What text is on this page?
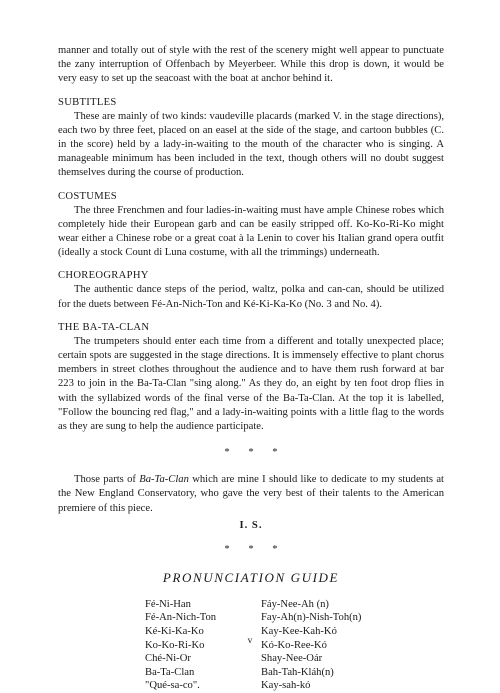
manner and totally out of style with the rest of the scenery might well appear to punctuate the zany interruption of Offenbach by Meyerbeer. While this drop is down, it would be very easy to set up the seacoast with the boat at anchor behind it.

SUBTITLES

These are mainly of two kinds: vaudeville placards (marked V. in the stage directions), each two by three feet, placed on an easel at the side of the stage, and cartoon bubbles (C. in the score) held by a lady-in-waiting to the mouth of the character who is singing. A manageable minimum has been included in the text, though others will no doubt suggest themselves during the course of production.

COSTUMES

The three Frenchmen and four ladies-in-waiting must have ample Chinese robes which completely hide their European garb and can be easily stripped off. Ko-Ko-Ri-Ko might wear either a Chinese robe or a great coat à la Lenin to cover his Italian grand opera outfit (ideally a stock Count di Luna costume, with all the trimmings) underneath.

CHOREOGRAPHY

The authentic dance steps of the period, waltz, polka and can-can, should be utilized for the duets between Fé-An-Nich-Ton and Ké-Ki-Ka-Ko (No. 3 and No. 4).

THE BA-TA-CLAN

The trumpeters should enter each time from a different and totally unexpected place; certain spots are suggested in the stage directions. It is immensely effective to plant chorus members in street clothes throughout the audience and to have them rush forward at bar 223 to join in the Ba-Ta-Clan "sing along." As they do, an eight by ten foot drop flies in with the syllabized words of the final verse of the Ba-Ta-Clan. At the top it is labelled, "Follow the bouncing red flag," and a lady-in-waiting points with a little flag to the words as they are sung to help the audience participate.

* * *

Those parts of Ba-Ta-Clan which are mine I should like to dedicate to my students at the New England Conservatory, who gave the very best of their talents to the American premiere of this piece.

I. S.
* * *
PRONUNCIATION GUIDE
Fé-Ni-Han	Fáy-Nee-Ah (n)
Fé-An-Nich-Ton	Fay-Ah(n)-Nish-Toh(n)
Ké-Ki-Ka-Ko	Kay-Kee-Kah-Kó
Ko-Ko-Ri-Ko	Kó-Ko-Ree-Kó
Ché-Ni-Or	Shay-Nee-Oár
Ba-Ta-Clan	Bah-Tah-Kláh(n)
"Qué-sa-co".	Kay-sah-kó
v
